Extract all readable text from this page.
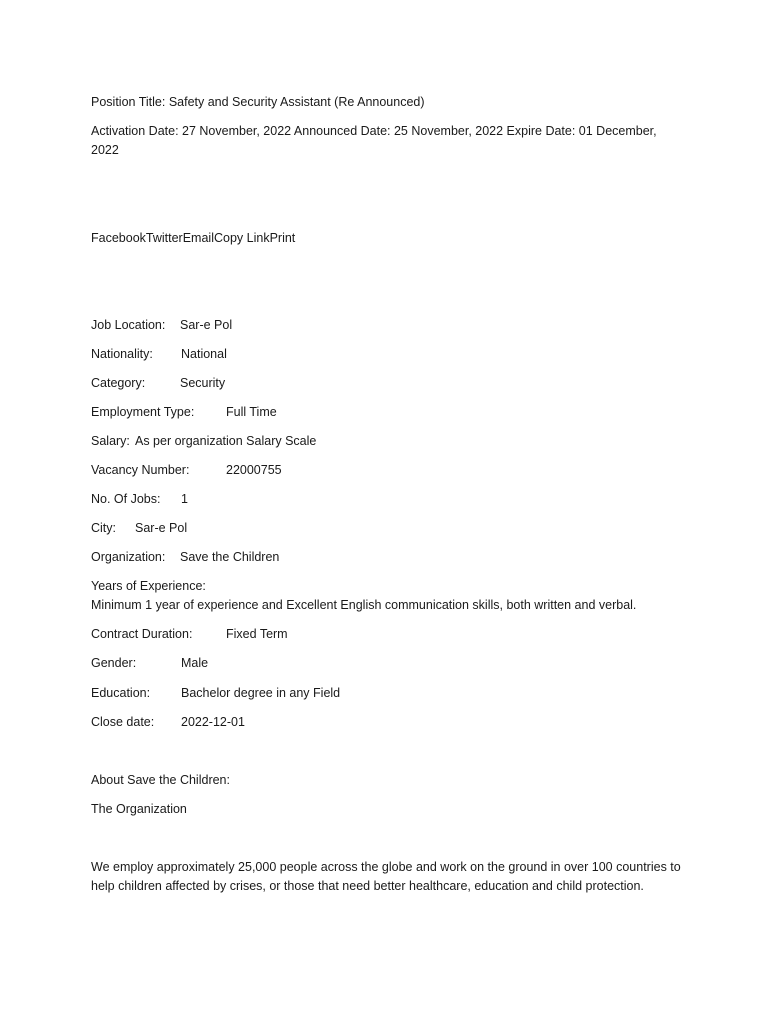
Position Title: Safety and Security Assistant (Re Announced)
Activation Date: 27 November, 2022 Announced Date: 25 November, 2022 Expire Date: 01 December, 2022
FacebookTwitterEmailCopy LinkPrint
Job Location: Sar-e Pol
Nationality: National
Category:	Security
Employment Type:	Full Time
Salary: As per organization Salary Scale
Vacancy Number:	22000755
No. Of Jobs: 1
City: Sar-e Pol
Organization: Save the Children
Years of Experience:Minimum 1 year of experience and Excellent English communication skills, both written and verbal.
Contract Duration:	Fixed Term
Gender:	Male
Education: Bachelor degree in any Field
Close date: 2022-12-01
About Save the Children:
The Organization
We employ approximately 25,000 people across the globe and work on the ground in over 100 countries to help children affected by crises, or those that need better healthcare, education and child protection.
